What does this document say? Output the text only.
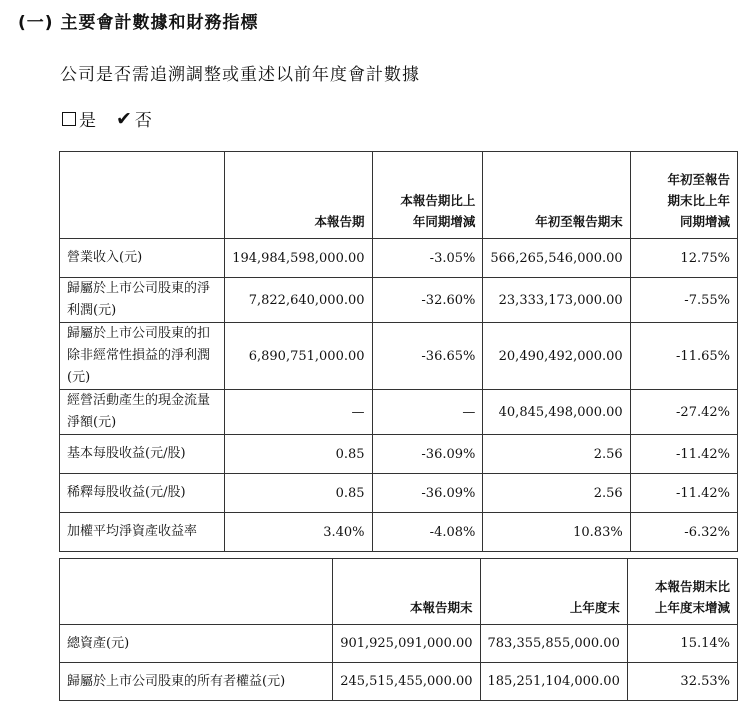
(一) 主要會計數據和財務指標
公司是否需追溯調整或重述以前年度會計數據
是 ✔ 否
	本報告期	本報告期比上年同期增減	年初至報告期末	年初至報告期末比上年同期增減

營業收入(元)	194,984,598,000.00	-3.05%	566,265,546,000.00	12.75%
歸屬於上市公司股東的淨利潤(元)	7,822,640,000.00	-32.60%	23,333,173,000.00	-7.55%
歸屬於上市公司股東的扣除非經常性損益的淨利潤(元)	6,890,751,000.00	-36.65%	20,490,492,000.00	-11.65%
經營活動產生的現金流量淨額(元)	—	—	40,845,498,000.00	-27.42%
基本每股收益(元/股)	0.85	-36.09%	2.56	-11.42%
稀釋每股收益(元/股)	0.85	-36.09%	2.56	-11.42%
加權平均淨資產收益率	3.40%	-4.08%	10.83%	-6.32%
	本報告期末	上年度末	本報告期末比上年度末增減

總資產(元)	901,925,091,000.00	783,355,855,000.00	15.14%
歸屬於上市公司股東的所有者權益(元)	245,515,455,000.00	185,251,104,000.00	32.53%
